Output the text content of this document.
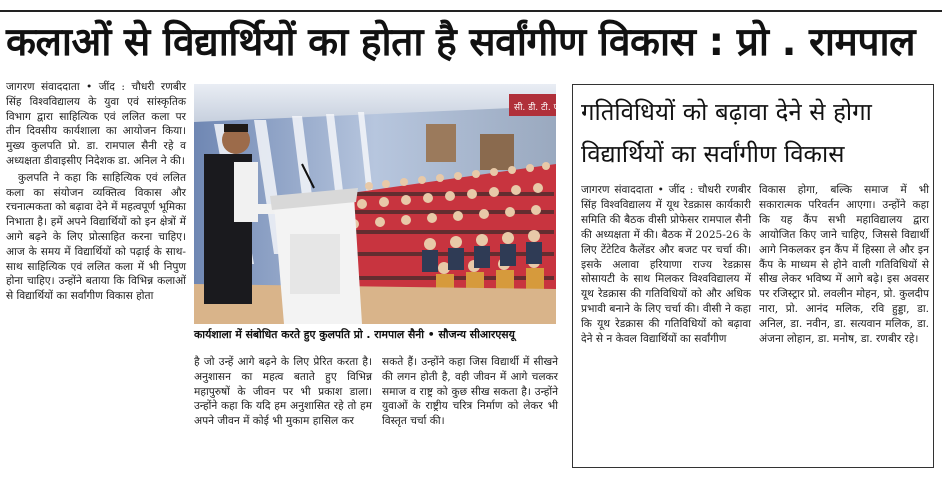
कलाओं से विद्यार्थियों का होता है सर्वांगीण विकास : प्रो . रामपाल

जागरण संवाददाता • जींद : चौधरी रणबीर सिंह विश्वविद्यालय के युवा एवं सांस्कृतिक विभाग द्वारा साहित्यिक एवं ललित कला पर तीन दिवसीय कार्यशाला का आयोजन किया। मुख्य कुलपति प्रो. डा. रामपाल सैनी रहे व अध्यक्षता डीवाइसीए निदेशक डा. अनिल ने की।

कुलपति ने कहा कि साहित्यिक एवं ललित कला का संयोजन व्यक्तित्व विकास और रचनात्मकता को बढ़ावा देने में महत्वपूर्ण भूमिका निभाता है। हमें अपने विद्यार्थियों को इन क्षेत्रों में आगे बढ़ने के लिए प्रोत्साहित करना चाहिए। आज के समय में विद्यार्थियों को पढ़ाई के साथ-साथ साहित्यिक एवं ललित कला में भी निपुण होना चाहिए। उन्होंने बताया कि विभिन्न कलाओं से विद्यार्थियों का सर्वांगीण विकास होता

सी. डी. टी. एस.
कार्यशाला में संबोधित करते हुए कुलपति प्रो . रामपाल सैनी • सौजन्य सीआरएसयू

है जो उन्हें आगे बढ़ने के लिए प्रेरित करता है। अनुशासन का महत्व बताते हुए विभिन्न महापुरुषों के जीवन पर भी प्रकाश डाला। उन्होंने कहा कि यदि हम अनुशासित रहे तो हम अपने जीवन में कोई भी मुकाम हासिल कर

सकते हैं। उन्होंने कहा जिस विद्यार्थी में सीखने की लगन होती है, वही जीवन में आगे चलकर समाज व राष्ट्र को कुछ सीख सकता है। उन्होंने युवाओं के राष्ट्रीय चरित्र निर्माण को लेकर भी विस्तृत चर्चा की।

गतिविधियों को बढ़ावा देने से होगा विद्यार्थियों का सर्वांगीण विकास

जागरण संवाददाता • जींद : चौधरी रणबीर सिंह विश्वविद्यालय में यूथ रेडक्रास कार्यकारी समिति की बैठक वीसी प्रोफेसर रामपाल सैनी की अध्यक्षता में की। बैठक में 2025-26 के लिए टेंटेटिव कैलेंडर और बजट पर चर्चा की। इसके अलावा हरियाणा राज्य रेडक्रास सोसायटी के साथ मिलकर विश्वविद्यालय में यूथ रेडक्रास की गतिविधियों को और अधिक प्रभावी बनाने के लिए चर्चा की। वीसी ने कहा कि यूथ रेडक्रास की गतिविधियों को बढ़ावा देने से न केवल विद्यार्थियों का सर्वांगीण

विकास होगा, बल्कि समाज में भी सकारात्मक परिवर्तन आएगा। उन्होंने कहा कि यह कैंप सभी महाविद्यालय द्वारा आयोजित किए जाने चाहिए, जिससे विद्यार्थी आगे निकलकर इन कैंप में हिस्सा ले और इन कैंप के माध्यम से होने वाली गतिविधियों से सीख लेकर भविष्य में आगे बढ़े। इस अवसर पर रजिस्ट्रार प्रो. लवलीन मोहन, प्रो. कुलदीप नारा, प्रो. आनंद मलिक, रवि हुड्डा, डा. अनिल, डा. नवीन, डा. सत्यवान मलिक, डा. अंजना लोहान, डा. मनोष, डा. रणबीर रहे।
